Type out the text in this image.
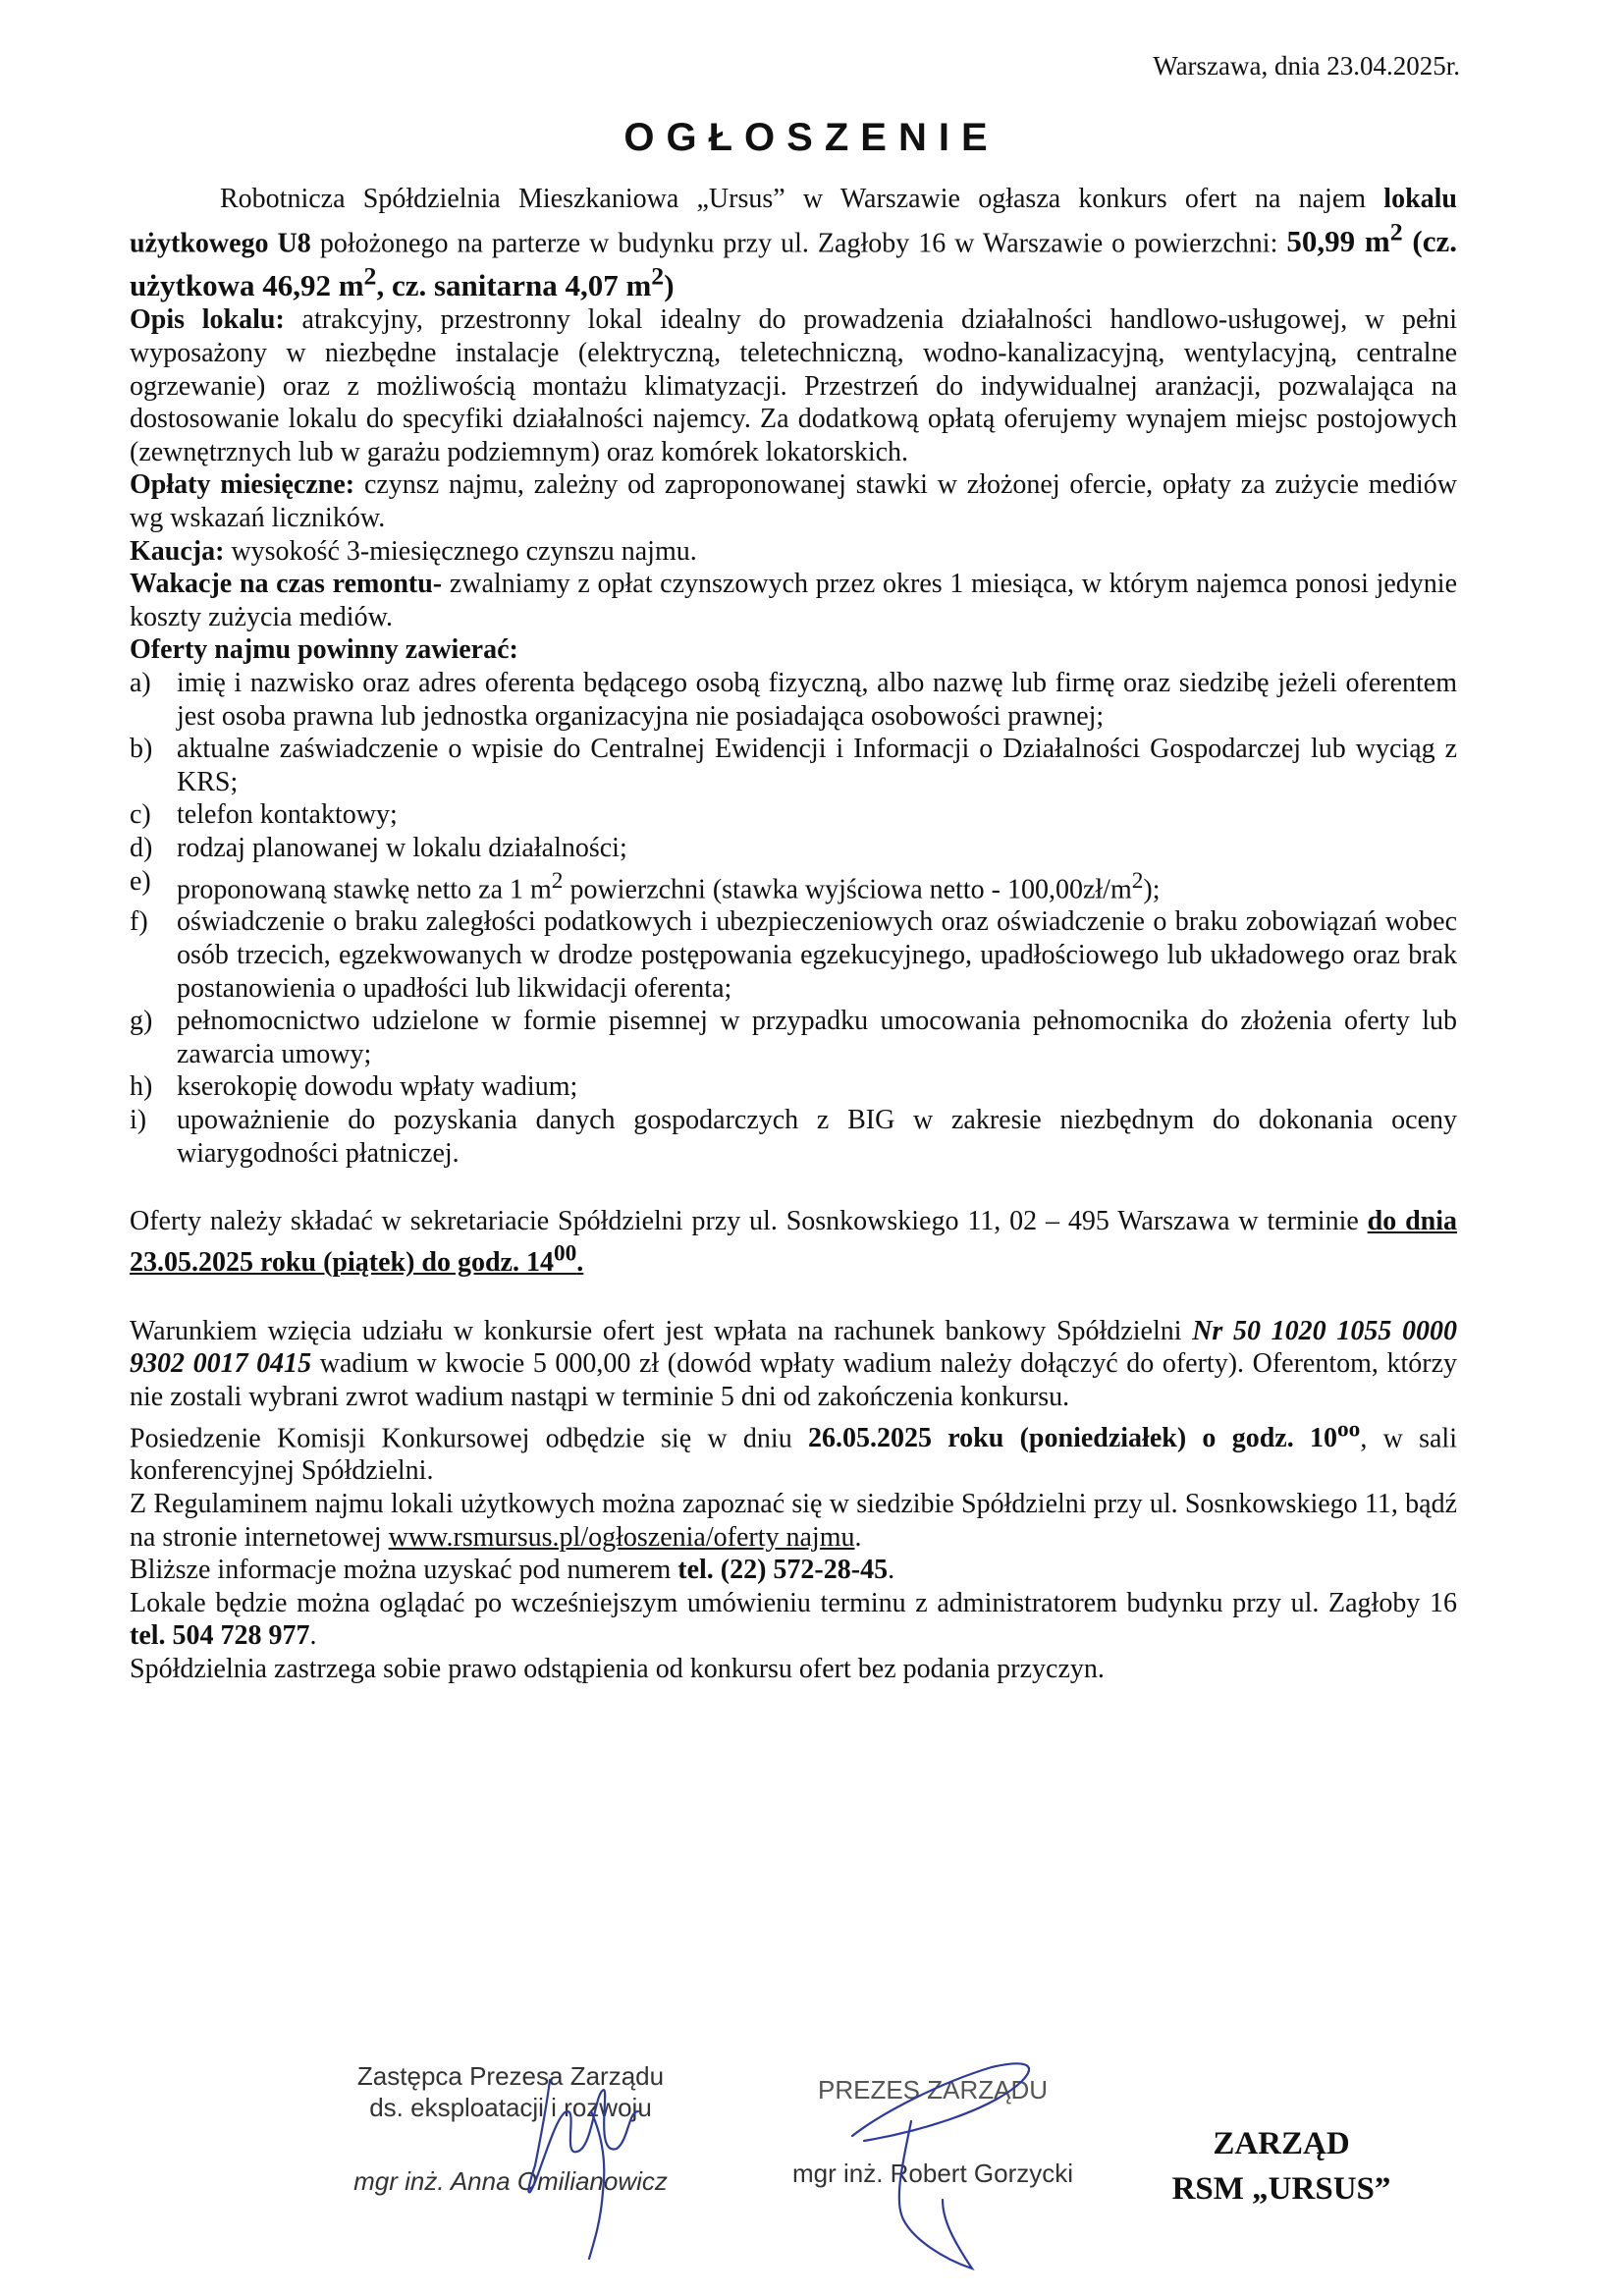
Warszawa, dnia 23.04.2025r.
OGŁOSZENIE

Robotnicza Spółdzielnia Mieszkaniowa „Ursus” w Warszawie ogłasza konkurs ofert na najem lokalu użytkowego U8 położonego na parterze w budynku przy ul. Zagłoby 16 w Warszawie o powierzchni: 50,99 $m^2$ (cz. użytkowa 46,92 $m^2$, cz. sanitarna 4,07 $m^2$)

Opis lokalu: atrakcyjny, przestronny lokal idealny do prowadzenia działalności handlowo-usługowej, w pełni wyposażony w niezbędne instalacje (elektryczną, teletechniczną, wodno-kanalizacyjną, wentylacyjną, centralne ogrzewanie) oraz z możliwością montażu klimatyzacji. Przestrzeń do indywidualnej aranżacji, pozwalająca na dostosowanie lokalu do specyfiki działalności najemcy. Za dodatkową opłatą oferujemy wynajem miejsc postojowych (zewnętrznych lub w garażu podziemnym) oraz komórek lokatorskich.

Opłaty miesięczne: czynsz najmu, zależny od zaproponowanej stawki w złożonej ofercie, opłaty za zużycie mediów wg wskazań liczników.

Kaucja: wysokość 3-miesięcznego czynszu najmu.

Wakacje na czas remontu- zwalniamy z opłat czynszowych przez okres 1 miesiąca, w którym najemca ponosi jedynie koszty zużycia mediów.

Oferty najmu powinny zawierać:

a) imię i nazwisko oraz adres oferenta będącego osobą fizyczną, albo nazwę lub firmę oraz siedzibę jeżeli oferentem jest osoba prawna lub jednostka organizacyjna nie posiadająca osobowości prawnej;
b) aktualne zaświadczenie o wpisie do Centralnej Ewidencji i Informacji o Działalności Gospodarczej lub wyciąg z KRS;
c) telefon kontaktowy;
d) rodzaj planowanej w lokalu działalności;
e) proponowaną stawkę netto za 1 $m^2$ powierzchni (stawka wyjściowa netto - $100,00zł/m^2$);
f) oświadczenie o braku zaległości podatkowych i ubezpieczeniowych oraz oświadczenie o braku zobowiązań wobec osób trzecich, egzekwowanych w drodze postępowania egzekucyjnego, upadłościowego lub układowego oraz brak postanowienia o upadłości lub likwidacji oferenta;
g) pełnomocnictwo udzielone w formie pisemnej w przypadku umocowania pełnomocnika do złożenia oferty lub zawarcia umowy;
h) kserokopię dowodu wpłaty wadium;
i) upoważnienie do pozyskania danych gospodarczych z BIG w zakresie niezbędnym do dokonania oceny wiarygodności płatniczej.

Oferty należy składać w sekretariacie Spółdzielni przy ul. Sosnkowskiego 11, 02 – 495 Warszawa w terminie do dnia 23.05.2025 roku (piątek) do godz. $14^{00}$.

Warunkiem wzięcia udziału w konkursie ofert jest wpłata na rachunek bankowy Spółdzielni Nr 50 1020 1055 0000 9302 0017 0415 wadium w kwocie 5 000,00 zł (dowód wpłaty wadium należy dołączyć do oferty). Oferentom, którzy nie zostali wybrani zwrot wadium nastąpi w terminie 5 dni od zakończenia konkursu.

Posiedzenie Komisji Konkursowej odbędzie się w dniu 26.05.2025 roku (poniedziałek) o godz. $10^{oo}$, w sali konferencyjnej Spółdzielni.

Z Regulaminem najmu lokali użytkowych można zapoznać się w siedzibie Spółdzielni przy ul. Sosnkowskiego 11, bądź na stronie internetowej www.rsmursus.pl/ogłoszenia/oferty najmu.

Bliższe informacje można uzyskać pod numerem tel. (22) 572-28-45.

Lokale będzie można oglądać po wcześniejszym umówieniu terminu z administratorem budynku przy ul. Zagłoby 16 tel. 504 728 977.

Spółdzielnia zastrzega sobie prawo odstąpienia od konkursu ofert bez podania przyczyn.

Zastępca Prezesa Zarządu
ds. eksploatacji i rozwoju
mgr inż. Anna Omilianowicz
PREZES ZARZĄDU
mgr inż. Robert Gorzycki
ZARZĄD
RSM „URSUS”
